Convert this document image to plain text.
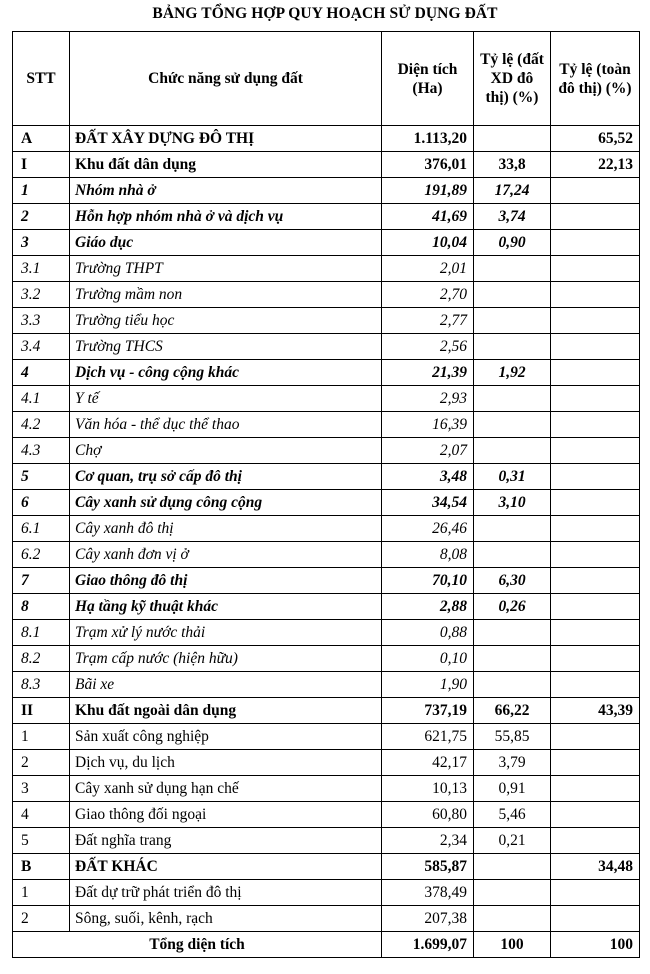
BẢNG TỔNG HỢP QUY HOẠCH SỬ DỤNG ĐẤT
STT	Chức năng sử dụng đất	Diện tích (Ha)	Tỷ lệ (đất XD đô thị) (%)	Tỷ lệ (toàn đô thị) (%)
A	ĐẤT XÂY DỰNG ĐÔ THỊ	1.113,20		65,52
I	Khu đất dân dụng	376,01	33,8	22,13
1	Nhóm nhà ở	191,89	17,24	
2	Hỗn hợp nhóm nhà ở và dịch vụ	41,69	3,74	
3	Giáo dục	10,04	0,90	
3.1	Trường THPT	2,01		
3.2	Trường mầm non	2,70		
3.3	Trường tiểu học	2,77		
3.4	Trường THCS	2,56		
4	Dịch vụ - công cộng khác	21,39	1,92	
4.1	Y tế	2,93		
4.2	Văn hóa - thể dục thể thao	16,39		
4.3	Chợ	2,07		
5	Cơ quan, trụ sở cấp đô thị	3,48	0,31	
6	Cây xanh sử dụng công cộng	34,54	3,10	
6.1	Cây xanh đô thị	26,46		
6.2	Cây xanh đơn vị ở	8,08		
7	Giao thông đô thị	70,10	6,30	
8	Hạ tầng kỹ thuật khác	2,88	0,26	
8.1	Trạm xử lý nước thải	0,88		
8.2	Trạm cấp nước (hiện hữu)	0,10		
8.3	Bãi xe	1,90		
II	Khu đất ngoài dân dụng	737,19	66,22	43,39
1	Sản xuất công nghiệp	621,75	55,85	
2	Dịch vụ, du lịch	42,17	3,79	
3	Cây xanh sử dụng hạn chế	10,13	0,91	
4	Giao thông đối ngoại	60,80	5,46	
5	Đất nghĩa trang	2,34	0,21	
B	ĐẤT KHÁC	585,87		34,48
1	Đất dự trữ phát triển đô thị	378,49		
2	Sông, suối, kênh, rạch	207,38		
Tổng diện tích		1.699,07	100	100
